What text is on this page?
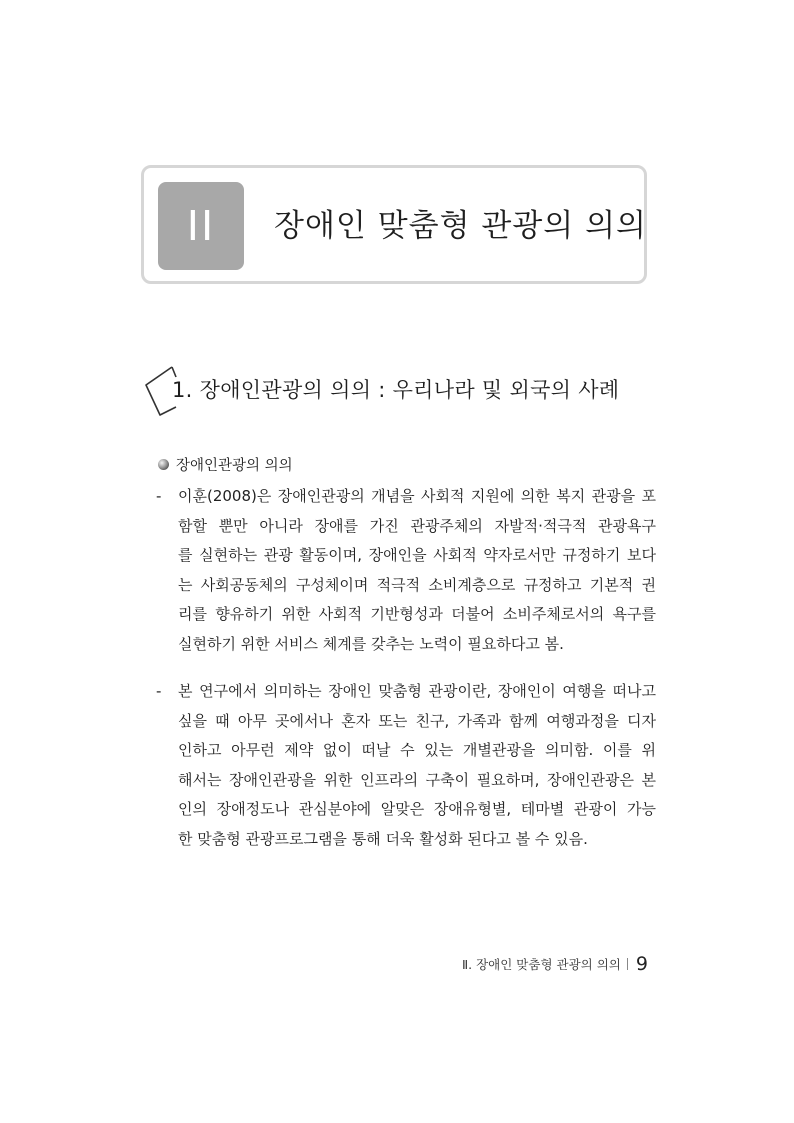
II	장애인 맞춤형 관광의 의의
1. 장애인관광의 의의 : 우리나라 및 외국의 사례
장애인관광의 의의
- 이훈(2008)은 장애인관광의 개념을 사회적 지원에 의한 복지 관광을 포
함할 뿐만 아니라 장애를 가진 관광주체의 자발적·적극적 관광욕구
를 실현하는 관광 활동이며, 장애인을 사회적 약자로서만 규정하기 보다
는 사회공동체의 구성체이며 적극적 소비계층으로 규정하고 기본적 권
리를 향유하기 위한 사회적 기반형성과 더불어 소비주체로서의 욕구를
실현하기 위한 서비스 체계를 갖추는 노력이 필요하다고 봄.
- 본 연구에서 의미하는 장애인 맞춤형 관광이란, 장애인이 여행을 떠나고
싶을 때 아무 곳에서나 혼자 또는 친구, 가족과 함께 여행과정을 디자
인하고 아무런 제약 없이 떠날 수 있는 개별관광을 의미함. 이를 위
해서는 장애인관광을 위한 인프라의 구축이 필요하며, 장애인관광은 본
인의 장애정도나 관심분야에 알맞은 장애유형별, 테마별 관광이 가능
한 맞춤형 관광프로그램을 통해 더욱 활성화 된다고 볼 수 있음.
Ⅱ. 장애인 맞춤형 관광의 의의 9
